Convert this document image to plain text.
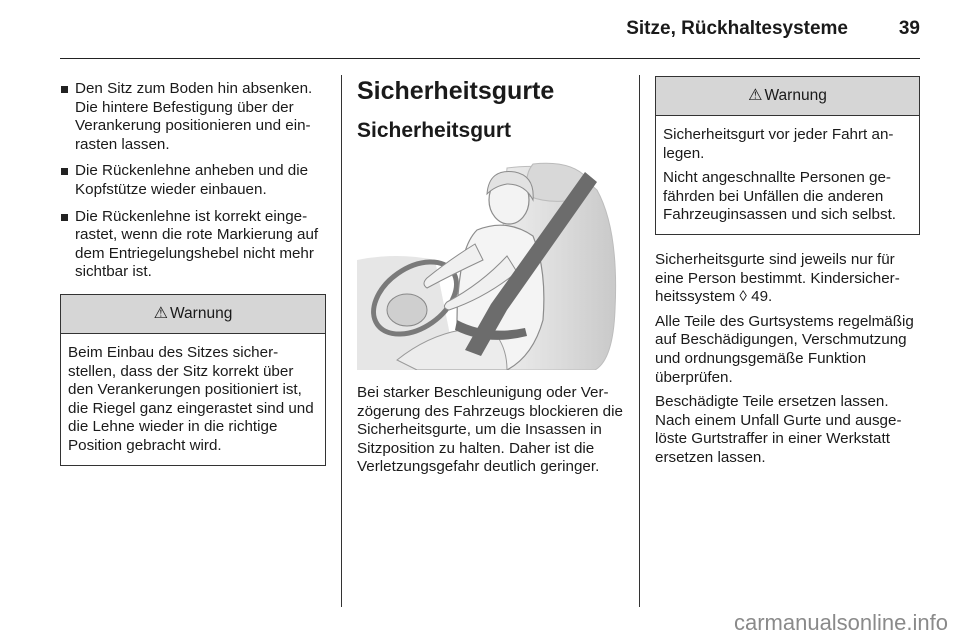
Sitze, Rückhaltesysteme	39
Den Sitz zum Boden hin absenken. Die hintere Befestigung über der Verankerung positionieren und einrasten lassen.
Die Rückenlehne anheben und die Kopfstütze wieder einbauen.
Die Rückenlehne ist korrekt eingerastet, wenn die rote Markierung auf dem Entriegelungshebel nicht mehr sichtbar ist.
⚠ Warnung

Beim Einbau des Sitzes sicherstellen, dass der Sitz korrekt über den Verankerungen positioniert ist, die Riegel ganz eingerastet sind und die Lehne wieder in die richtige Position gebracht wird.

Sicherheitsgurte
Sicherheitsgurt

Bei starker Beschleunigung oder Verzögerung des Fahrzeugs blockieren die Sicherheitsgurte, um die Insassen in Sitzposition zu halten. Daher ist die Verletzungsgefahr deutlich geringer.

⚠ Warnung

Sicherheitsgurt vor jeder Fahrt anlegen.

Nicht angeschnallte Personen gefährden bei Unfällen die anderen Fahrzeuginsassen und sich selbst.

Sicherheitsgurte sind jeweils nur für eine Person bestimmt. Kindersicherheitssystem ◊ 49.

Alle Teile des Gurtsystems regelmäßig auf Beschädigungen, Verschmutzung und ordnungsgemäße Funktion überprüfen.

Beschädigte Teile ersetzen lassen. Nach einem Unfall Gurte und ausgelöste Gurtstraffer in einer Werkstatt ersetzen lassen.

carmanualsonline.info
